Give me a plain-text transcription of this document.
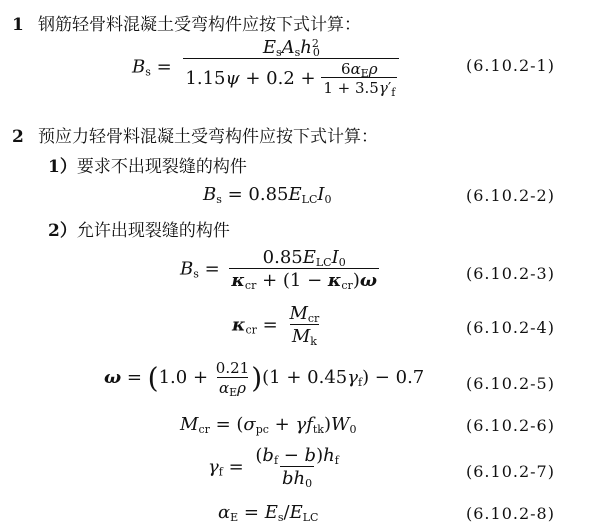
1 钢筋轻骨料混凝土受弯构件应按下式计算：
$B_s = \frac{E_sA_sh^2_0}{1.15\psi + 0.2 + \frac{6\alpha_E\rho}{1 + 3.5\gamma'_f}}$	(6.10.2-1)
2 预应力轻骨料混凝土受弯构件应按下式计算：
1）要求不出现裂缝的构件
$B_s = 0.85E_{LC}I_0$	(6.10.2-2)
2）允许出现裂缝的构件
$B_s = \frac{0.85E_{LC}I_0}{\kappa_{cr} + (1 - \kappa_{cr})\omega}$	(6.10.2-3)
$\kappa_{cr} = \frac{M_{cr}}{M_k}$	(6.10.2-4)
$\omega = (1.0 + \frac{0.21}{\alpha_E\rho} )(1 + 0.45\gamma_f) - 0.7$	(6.10.2-5)
$M_{cr} = (\sigma_{pc} + \gamma f_{tk})W_0$	(6.10.2-6)
$\gamma_f = \frac{(b_f - b)h_f}{bh_0}$	(6.10.2-7)
$\alpha_E = E_s/E_{LC}$	(6.10.2-8)
